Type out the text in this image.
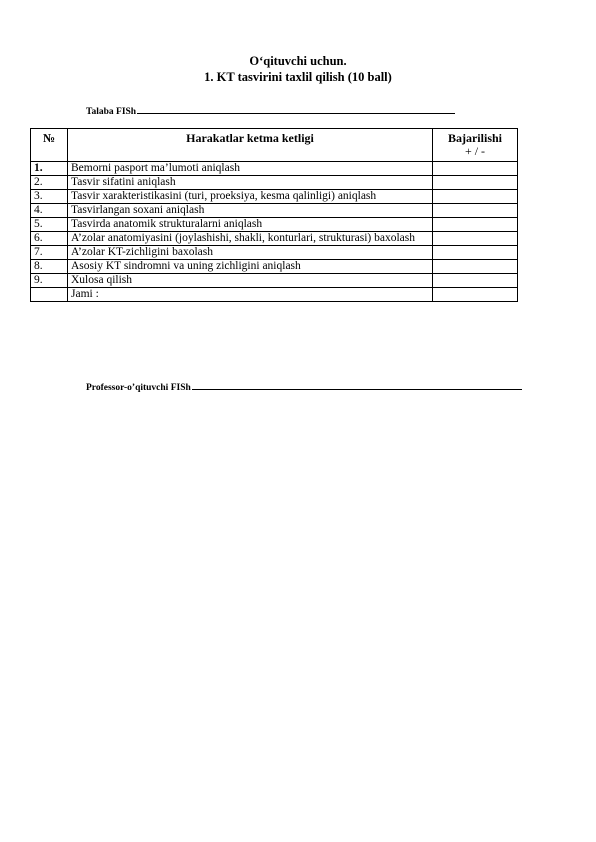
O‘qituvchi uchun.
1. KT tasvirini taxlil qilish (10 ball)
Talaba FISh
№	Harakatlar ketma ketligi	Bajarilishi
+ / -

1.	Bemorni pasport ma’lumoti aniqlash	
2.	Tasvir sifatini aniqlash	
3.	Tasvir xarakteristikasini (turi, proeksiya, kesma qalinligi) aniqlash	
4.	Tasvirlangan soxani aniqlash	
5.	Tasvirda anatomik strukturalarni aniqlash	
6.	A’zolar anatomiyasini (joylashishi, shakli, konturlari, strukturasi) baxolash	
7.	A’zolar KT-zichligini baxolash	
8.	Asosiy KT sindromni va uning zichligini aniqlash	
9.	Xulosa qilish	
	Jami :	
Professor-o’qituvchi FISh
